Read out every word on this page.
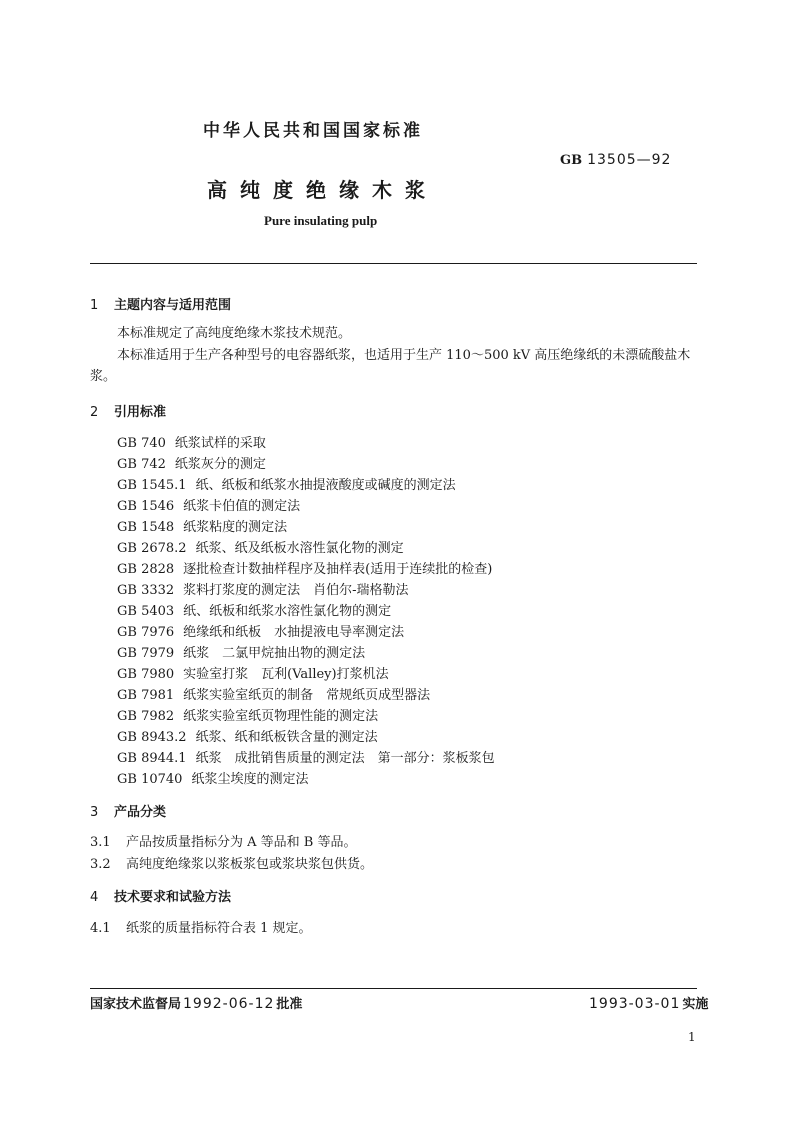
中华人民共和国国家标准
GB 13505—92
高纯度绝缘木浆
Pure insulating pulp
1 主题内容与适用范围
本标准规定了高纯度绝缘木浆技术规范。
本标准适用于生产各种型号的电容器纸浆，也适用于生产 110～500 kV 高压绝缘纸的未漂硫酸盐木浆。
2 引用标准
GB 740 纸浆试样的采取
GB 742 纸浆灰分的测定
GB 1545.1 纸、纸板和纸浆水抽提液酸度或碱度的测定法
GB 1546 纸浆卡伯值的测定法
GB 1548 纸浆粘度的测定法
GB 2678.2 纸浆、纸及纸板水溶性氯化物的测定
GB 2828 逐批检查计数抽样程序及抽样表(适用于连续批的检查)
GB 3332 浆料打浆度的测定法　肖伯尔-瑞格勒法
GB 5403 纸、纸板和纸浆水溶性氯化物的测定
GB 7976 绝缘纸和纸板　水抽提液电导率测定法
GB 7979 纸浆　二氯甲烷抽出物的测定法
GB 7980 实验室打浆　瓦利(Valley)打浆机法
GB 7981 纸浆实验室纸页的制备　常规纸页成型器法
GB 7982 纸浆实验室纸页物理性能的测定法
GB 8943.2 纸浆、纸和纸板铁含量的测定法
GB 8944.1 纸浆　成批销售质量的测定法　第一部分：浆板浆包
GB 10740 纸浆尘埃度的测定法
3 产品分类
3.1 产品按质量指标分为 A 等品和 B 等品。
3.2 高纯度绝缘浆以浆板浆包或浆块浆包供货。
4 技术要求和试验方法
4.1 纸浆的质量指标符合表 1 规定。
国家技术监督局 1992-06-12 批准	1993-03-01 实施
1
